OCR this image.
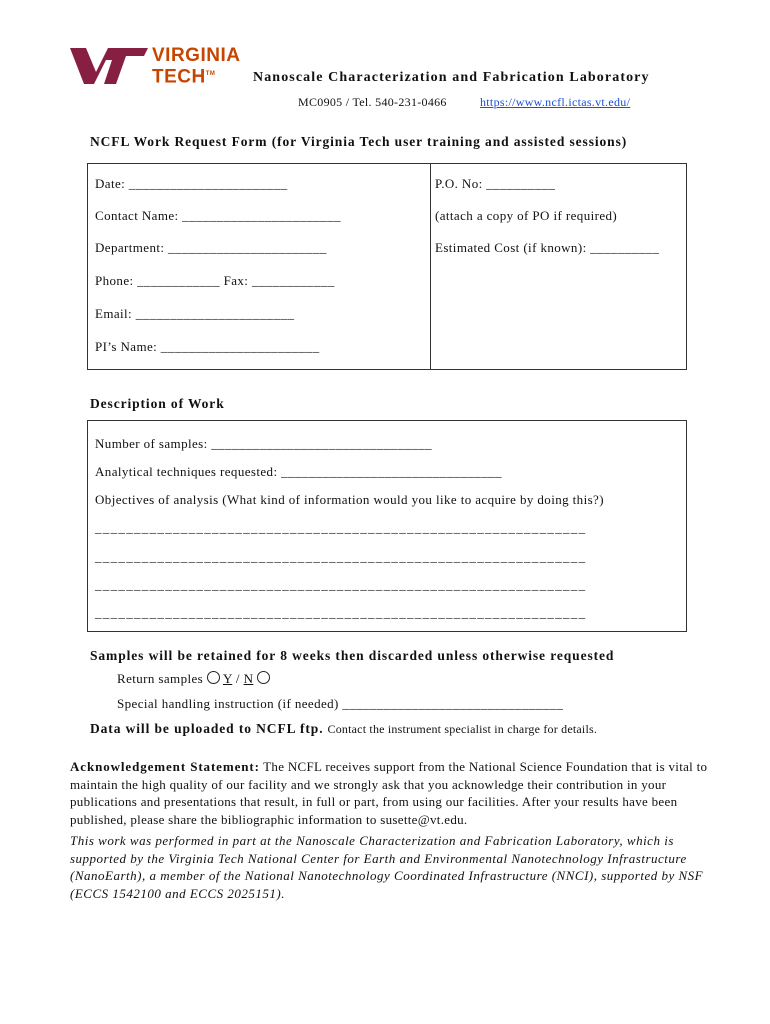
VIRGINIA
TECH™	Nanoscale Characterization and Fabrication Laboratory
MC0905 / Tel. 540-231-0466	https://www.ncfl.ictas.vt.edu/
NCFL Work Request Form (for Virginia Tech user training and assisted sessions)
Date: _______________________
Contact Name: _______________________
Department: _______________________
Phone: ____________ Fax: ____________
Email: _______________________
PI’s Name: _______________________
P.O. No: __________
(attach a copy of PO if required)
Estimated Cost (if known): __________
Description of Work
Number of samples: ________________________________
Analytical techniques requested: ________________________________
Objectives of analysis (What kind of information would you like to acquire by doing this?)
_______________________________________________________________
_______________________________________________________________
_______________________________________________________________
_______________________________________________________________
Samples will be retained for 8 weeks then discarded unless otherwise requested
Return samples Y / N
Special handling instruction (if needed) ________________________________
Data will be uploaded to NCFL ftp. Contact the instrument specialist in charge for details.
Acknowledgement Statement: The NCFL receives support from the National Science Foundation that is vital to maintain the high quality of our facility and we strongly ask that you acknowledge their contribution in your publications and presentations that result, in full or part, from using our facilities. After your results have been published, please share the bibliographic information to susette@vt.edu.
This work was performed in part at the Nanoscale Characterization and Fabrication Laboratory, which is supported by the Virginia Tech National Center for Earth and Environmental Nanotechnology Infrastructure (NanoEarth), a member of the National Nanotechnology Coordinated Infrastructure (NNCI), supported by NSF (ECCS 1542100 and ECCS 2025151).
